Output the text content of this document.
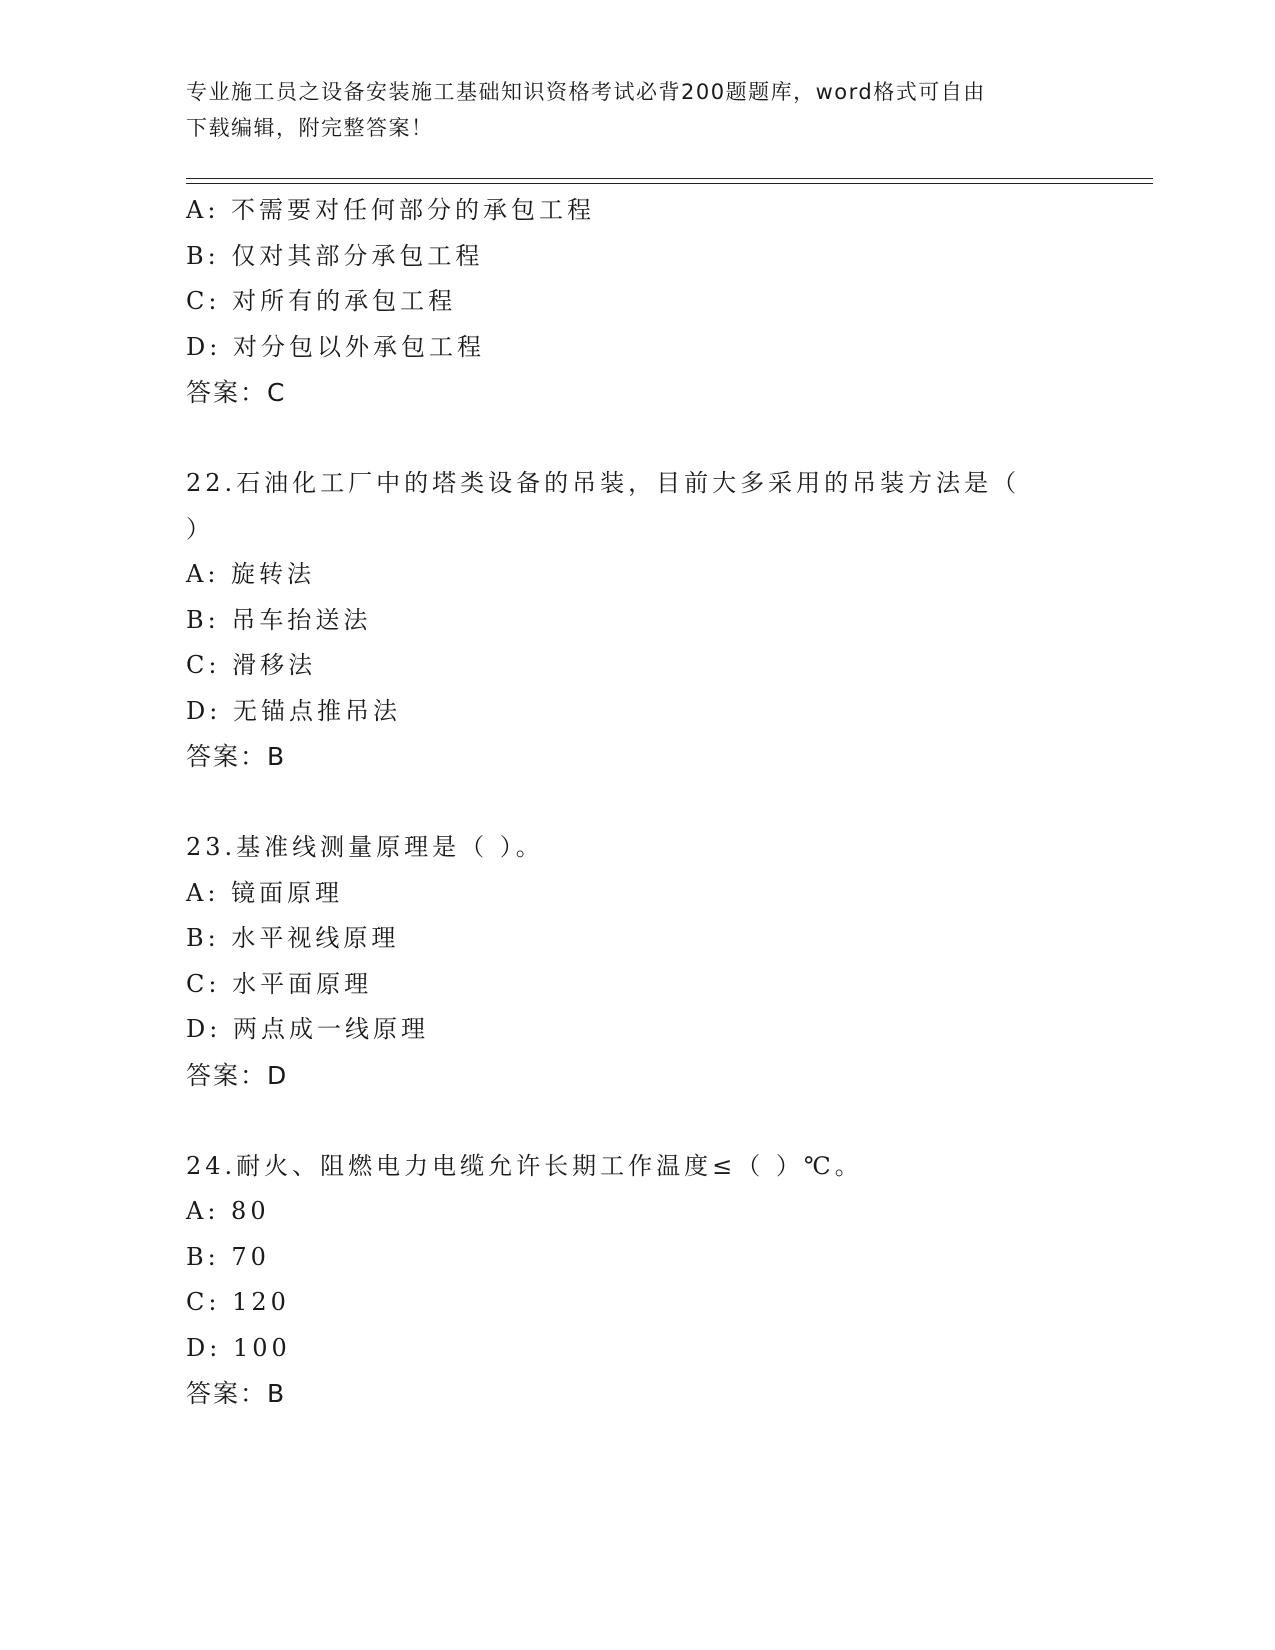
专业施工员之设备安装施工基础知识资格考试必背200题题库，word格式可自由
下载编辑，附完整答案！
A: 不需要对任何部分的承包工程
B: 仅对其部分承包工程
C: 对所有的承包工程
D: 对分包以外承包工程
答案：C
22.石油化工厂中的塔类设备的吊装，目前大多采用的吊装方法是（
）
A: 旋转法
B: 吊车抬送法
C: 滑移法
D: 无锚点推吊法
答案：B
23.基准线测量原理是（ ）。
A: 镜面原理
B: 水平视线原理
C: 水平面原理
D: 两点成一线原理
答案：D
24.耐火、阻燃电力电缆允许长期工作温度≤（ ）℃。
A: 80
B: 70
C: 120
D: 100
答案：B
